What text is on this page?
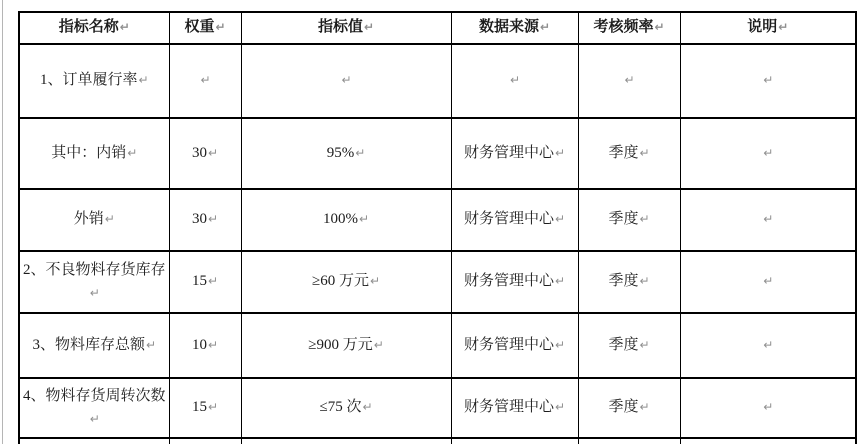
指标名称↵	权重↵	指标值↵	数据来源↵	考核频率↵	说明↵
1、订单履行率↵	↵	↵	↵	↵	↵
其中：内销↵	30↵	95%↵	财务管理中心↵	季度↵	↵
外销↵	30↵	100%↵	财务管理中心↵	季度↵	↵
2、不良物料存货库存↵	15↵	≥60 万元↵	财务管理中心↵	季度↵	↵
3、物料库存总额↵	10↵	≥900 万元↵	财务管理中心↵	季度↵	↵
4、物料存货周转次数↵	15↵	≤75 次↵	财务管理中心↵	季度↵	↵
